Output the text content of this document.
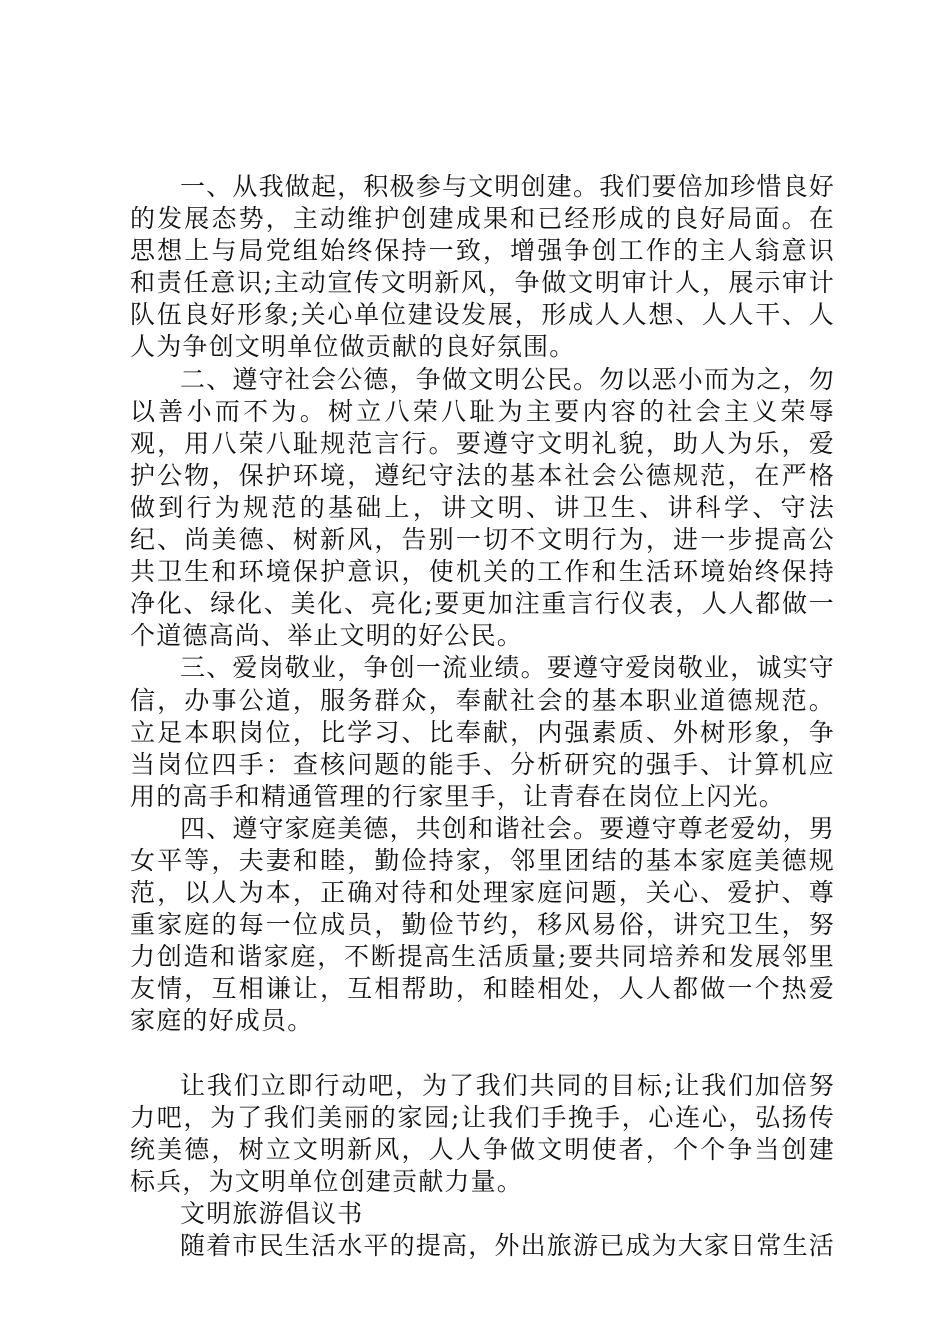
一、从我做起，积极参与文明创建。我们要倍加珍惜良好的发展态势，主动维护创建成果和已经形成的良好局面。在思想上与局党组始终保持一致，增强争创工作的主人翁意识和责任意识;主动宣传文明新风，争做文明审计人，展示审计队伍良好形象;关心单位建设发展，形成人人想、人人干、人人为争创文明单位做贡献的良好氛围。

二、遵守社会公德，争做文明公民。勿以恶小而为之，勿以善小而不为。树立八荣八耻为主要内容的社会主义荣辱观，用八荣八耻规范言行。要遵守文明礼貌，助人为乐，爱护公物，保护环境，遵纪守法的基本社会公德规范，在严格做到行为规范的基础上，讲文明、讲卫生、讲科学、守法纪、尚美德、树新风，告别一切不文明行为，进一步提高公共卫生和环境保护意识，使机关的工作和生活环境始终保持净化、绿化、美化、亮化;要更加注重言行仪表，人人都做一个道德高尚、举止文明的好公民。

三、爱岗敬业，争创一流业绩。要遵守爱岗敬业，诚实守信，办事公道，服务群众，奉献社会的基本职业道德规范。立足本职岗位，比学习、比奉献，内强素质、外树形象，争当岗位四手：查核问题的能手、分析研究的强手、计算机应用的高手和精通管理的行家里手，让青春在岗位上闪光。

四、遵守家庭美德，共创和谐社会。要遵守尊老爱幼，男女平等，夫妻和睦，勤俭持家，邻里团结的基本家庭美德规范，以人为本，正确对待和处理家庭问题，关心、爱护、尊重家庭的每一位成员，勤俭节约，移风易俗，讲究卫生，努力创造和谐家庭，不断提高生活质量;要共同培养和发展邻里友情，互相谦让，互相帮助，和睦相处，人人都做一个热爱家庭的好成员。

让我们立即行动吧，为了我们共同的目标;让我们加倍努力吧，为了我们美丽的家园;让我们手挽手，心连心，弘扬传统美德，树立文明新风，人人争做文明使者，个个争当创建标兵，为文明单位创建贡献力量。

文明旅游倡议书

随着市民生活水平的提高，外出旅游已成为大家日常生活
